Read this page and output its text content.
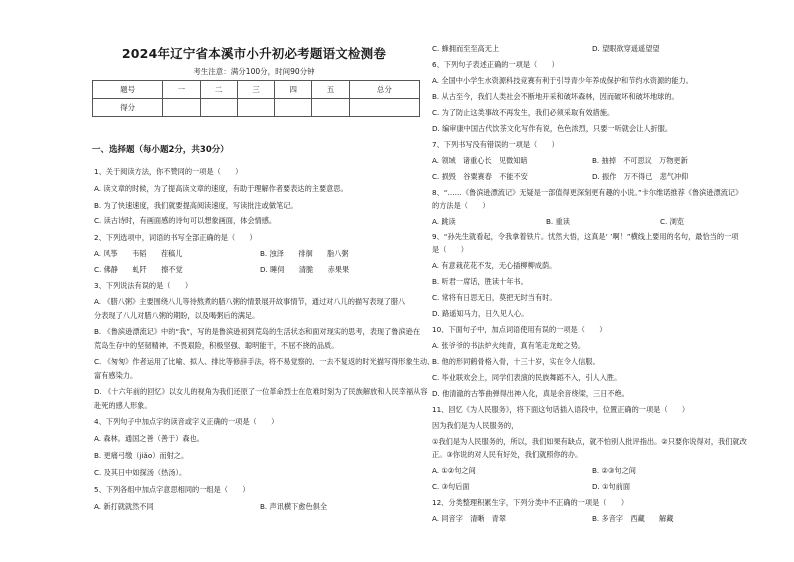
2024年辽宁省本溪市小升初必考题语文检测卷
考生注意：满分100分，时间90分钟
题号	一	二	三	四	五	总分
得分						
一、选择题（每小题2分，共30分）
1、关于阅读方法，你不赞同的一项是（　　）
A. 读文章的时候，为了提高读文章的速度，有助于理解作者要表达的主要意思。
B. 为了快速速度，我们就要提高阅读速度，写读批注或做笔记。
C. 读古诗时，有画面感的诗句可以想象画面，体会情感。
2、下列选项中，词语的书写全部正确的是（　　）
A. 风筝　　韦韬　　茬稿儿	B. 浊泽　　徘徊　　脂八粥
C. 佛静　　虬阡　　擦不觉	D. 睡伺　　清脆　　赤果果
3、下列说法有误的是（　　）
A. 《腊八粥》主要围绕八儿等待熬煮的腊八粥的情景展开故事情节，通过对八儿的描写表现了腊八
分表现了八儿对腊八粥的期盼，以及喝粥后的满足。
B. 《鲁滨逊漂流记》中的“我”，写的是鲁滨逊初到荒岛的生活状态和面对现实的思考，表现了鲁滨逊在
荒岛生存中的坚韧精神，不畏艰险，积极坚强、聪明能干，不屈不挠的品质。
C. 《匆匆》作者运用了比喻、拟人、排比等修辞手法，将不易觉察的、一去不复返的时光描写得形象生动、
富有感染力。
D. 《十六年前的回忆》以女儿的视角为我们还原了一位革命烈士在危难时刻为了民族解放和人民幸福从容
赴死的感人形象。
4、下列句子中加点字的读音或字义正确的一项是（　　）
A. 森林。通国之善（善于）森也。
B. 更痛弓缴（jiǎo）而射之。
C. 及其日中如探汤（热汤）。
5、下列各组中加点字意思相同的一组是（　　）
A. 新打就就然不同	B. 声讯横下愈色俱全
C. 蜂拥而至至高无上	D. 望眼欲穿遥遥望望
6、下列句子表述正确的一项是（　　）
A. 全国中小学生水资源科技竞赛有利于引导青少年养成保护和节约水资源的能力。
B. 从古至今，我们人类社会不断地开采和破坏森林，因而破坏和破坏地球的。
C. 为了防止这类事故不再发生，我们必须采取有效措施。
D. 编审康中国古代饮茶文化写作有说，色色浓烈，只要一听就会让人折服。
7、下列书写没有错误的一项是（　　）
A. 领域　诸重心长　见微知暗	B. 抽掉　不可思议　万物更新
C. 损毁　谷粟赛春　不能不安	D. 振作　万不得已　悲气冲仰
8、“……《鲁滨逊漂流记》无疑是一部值得更深刻更有趣的小说。”卡尔维诺推荐《鲁滨逊漂流记》
的方法是（　　）
A. 跳读	B. 重读	C. 浏览
9、“孙先生就看起，令我拿着铁片。忧然大悟，这真是‘ ’啊！”横线上要用的名句，最恰当的一项
是（　　）
A. 有意栽花花不发，无心插柳柳成荫。
B. 听君一席话，胜读十年书。
C. 常将有日思无日，莫把无时当有时。
D. 路遥知马力，日久见人心。
10、下面句子中，加点词语使用有误的一项是（　　）
A. 张爷爷的书法炉火纯青，真有笔走龙蛇之势。
B. 他的形同鹤骨格入骨，十三十岁，实在令人信服。
C. 毕业联欢会上，同学们表演的民族舞蹈不入，引人入胜。
D. 他清澈的古筝曲弹得出神入化，真是余音绕梁，三日不绝。
11、回忆《为人民服务》，将下面这句话插入语段中，位置正确的一项是（　　）
因为我们是为人民服务的，
①我们是为人民服务的，所以，我们如果有缺点，就不怕别人批评指出。②只要你说得对，我们就改
正。③你说的对人民有好处，我们就照你的办。
A. ①②句之间	B. ②③句之间
C. ③句后面	D. ①句前面
12、分类整理积累生字，下列分类中不正确的一项是（　　）
A. 同音字　清晰　青翠	B. 多音字　西藏　　解藏
